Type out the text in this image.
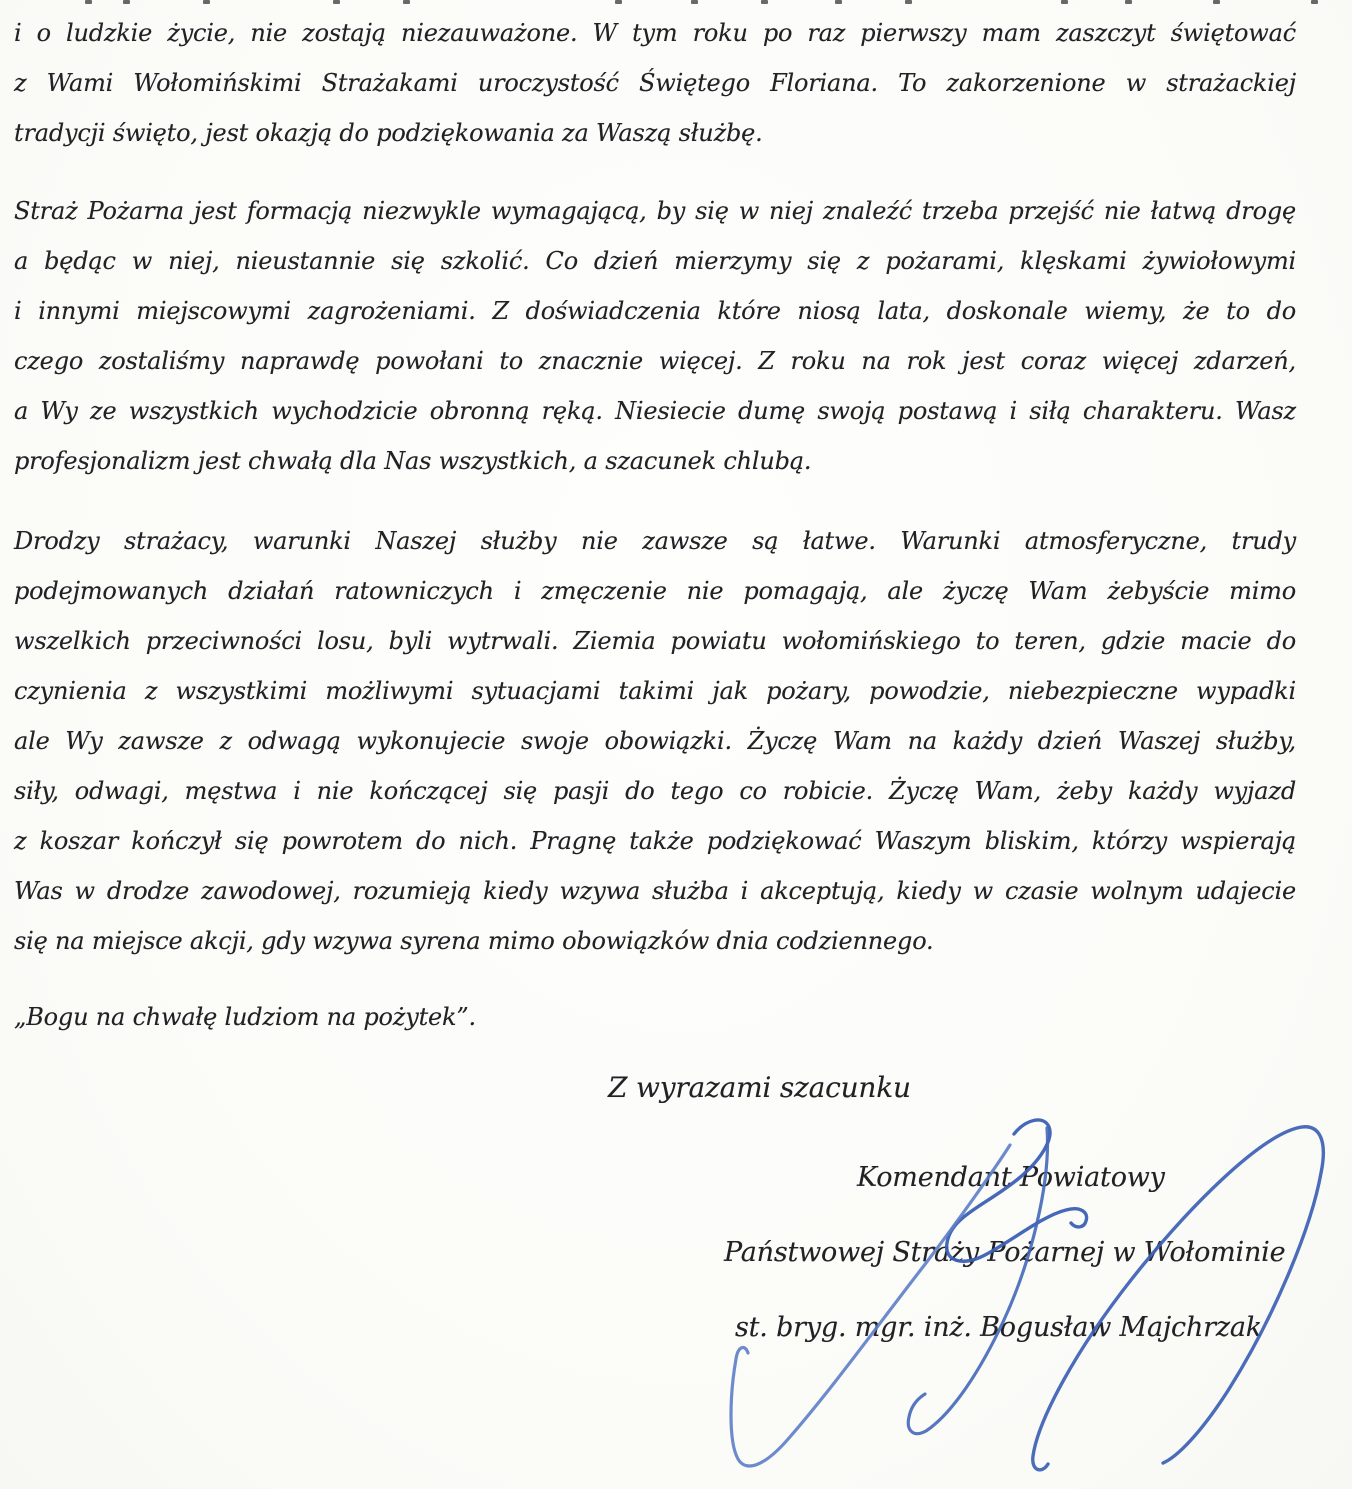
i o ludzkie życie, nie zostają niezauważone. W tym roku po raz pierwszy mam zaszczyt świętować
z Wami Wołomińskimi Strażakami uroczystość Świętego Floriana. To zakorzenione w strażackiej
tradycji święto, jest okazją do podziękowania za Waszą służbę.
Straż Pożarna jest formacją niezwykle wymagającą, by się w niej znaleźć trzeba przejść nie łatwą drogę
a będąc w niej, nieustannie się szkolić. Co dzień mierzymy się z pożarami, klęskami żywiołowymi
i innymi miejscowymi zagrożeniami. Z doświadczenia które niosą lata, doskonale wiemy, że to do
czego zostaliśmy naprawdę powołani to znacznie więcej. Z roku na rok jest coraz więcej zdarzeń,
a Wy ze wszystkich wychodzicie obronną ręką. Niesiecie dumę swoją postawą i siłą charakteru. Wasz
profesjonalizm jest chwałą dla Nas wszystkich, a szacunek chlubą.
Drodzy strażacy, warunki Naszej służby nie zawsze są łatwe. Warunki atmosferyczne, trudy
podejmowanych działań ratowniczych i zmęczenie nie pomagają, ale życzę Wam żebyście mimo
wszelkich przeciwności losu, byli wytrwali. Ziemia powiatu wołomińskiego to teren, gdzie macie do
czynienia z wszystkimi możliwymi sytuacjami takimi jak pożary, powodzie, niebezpieczne wypadki
ale Wy zawsze z odwagą wykonujecie swoje obowiązki. Życzę Wam na każdy dzień Waszej służby,
siły, odwagi, męstwa i nie kończącej się pasji do tego co robicie. Życzę Wam, żeby każdy wyjazd
z koszar kończył się powrotem do nich. Pragnę także podziękować Waszym bliskim, którzy wspierają
Was w drodze zawodowej, rozumieją kiedy wzywa służba i akceptują, kiedy w czasie wolnym udajecie
się na miejsce akcji, gdy wzywa syrena mimo obowiązków dnia codziennego.
„Bogu na chwałę ludziom na pożytek”.
Z wyrazami szacunku
Komendant Powiatowy
Państwowej Straży Pożarnej w Wołominie
st. bryg. mgr. inż. Bogusław Majchrzak
